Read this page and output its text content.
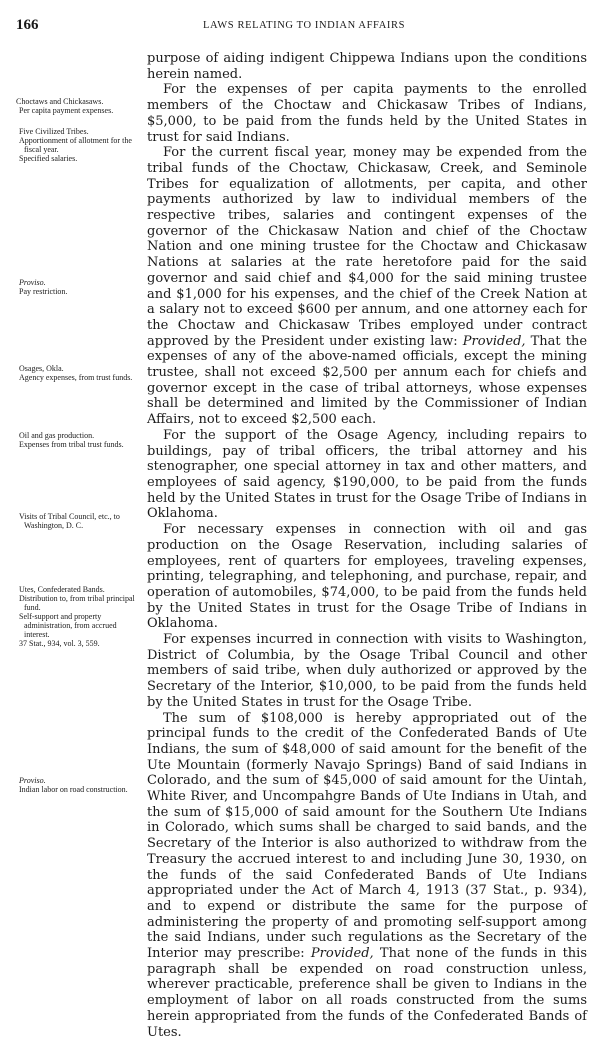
166	LAWS RELATING TO INDIAN AFFAIRS

purpose of aiding indigent Chippewa Indians upon the conditions herein named.

For the expenses of per capita payments to the enrolled members of the Choctaw and Chickasaw Tribes of Indians, $5,000, to be paid from the funds held by the United States in trust for said Indians.

For the current fiscal year, money may be expended from the tribal funds of the Choctaw, Chickasaw, Creek, and Seminole Tribes for equalization of allotments, per capita, and other payments authorized by law to individual members of the respective tribes, salaries and contingent expenses of the governor of the Chickasaw Nation and chief of the Choctaw Nation and one mining trustee for the Choctaw and Chickasaw Nations at salaries at the rate heretofore paid for the said governor and said chief and $4,000 for the said mining trustee and $1,000 for his expenses, and the chief of the Creek Nation at a salary not to exceed $600 per annum, and one attorney each for the Choctaw and Chickasaw Tribes employed under contract approved by the President under existing law: Provided, That the expenses of any of the above-named officials, except the mining trustee, shall not exceed $2,500 per annum each for chiefs and governor except in the case of tribal attorneys, whose expenses shall be determined and limited by the Commissioner of Indian Affairs, not to exceed $2,500 each.

For the support of the Osage Agency, including repairs to buildings, pay of tribal officers, the tribal attorney and his stenographer, one special attorney in tax and other matters, and employees of said agency, $190,000, to be paid from the funds held by the United States in trust for the Osage Tribe of Indians in Oklahoma.

For necessary expenses in connection with oil and gas production on the Osage Reservation, including salaries of employees, rent of quarters for employees, traveling expenses, printing, telegraphing, and telephoning, and purchase, repair, and operation of automobiles, $74,000, to be paid from the funds held by the United States in trust for the Osage Tribe of Indians in Oklahoma.

For expenses incurred in connection with visits to Washington, District of Columbia, by the Osage Tribal Council and other members of said tribe, when duly authorized or approved by the Secretary of the Interior, $10,000, to be paid from the funds held by the United States in trust for the Osage Tribe.

The sum of $108,000 is hereby appropriated out of the principal funds to the credit of the Confederated Bands of Ute Indians, the sum of $48,000 of said amount for the benefit of the Ute Mountain (formerly Navajo Springs) Band of said Indians in Colorado, and the sum of $45,000 of said amount for the Uintah, White River, and Uncompahgre Bands of Ute Indians in Utah, and the sum of $15,000 of said amount for the Southern Ute Indians in Colorado, which sums shall be charged to said bands, and the Secretary of the Interior is also authorized to withdraw from the Treasury the accrued interest to and including June 30, 1930, on the funds of the said Confederated Bands of Ute Indians appropriated under the Act of March 4, 1913 (37 Stat., p. 934), and to expend or distribute the same for the purpose of administering the property of and promoting self-support among the said Indians, under such regulations as the Secretary of the Interior may prescribe: Provided, That none of the funds in this paragraph shall be expended on road construction unless, wherever practicable, preference shall be given to Indians in the employment of labor on all roads constructed from the sums herein appropriated from the funds of the Confederated Bands of Utes.

Choctaws and Chickasaws.
Per capita payment expenses.
Five Civilized Tribes.
Apportionment of allotment for the fiscal year.
Specified salaries.
Proviso.
Pay restriction.
Osages, Okla.
Agency expenses, from trust funds.
Oil and gas production.
Expenses from tribal trust funds.
Visits of Tribal Council, etc., to Washington, D. C.
Utes, Confederated Bands.
Distribution to, from tribal principal fund.
Self-support and property administration, from accrued interest.
37 Stat., 934, vol. 3, 559.
Proviso.
Indian labor on road construction.
